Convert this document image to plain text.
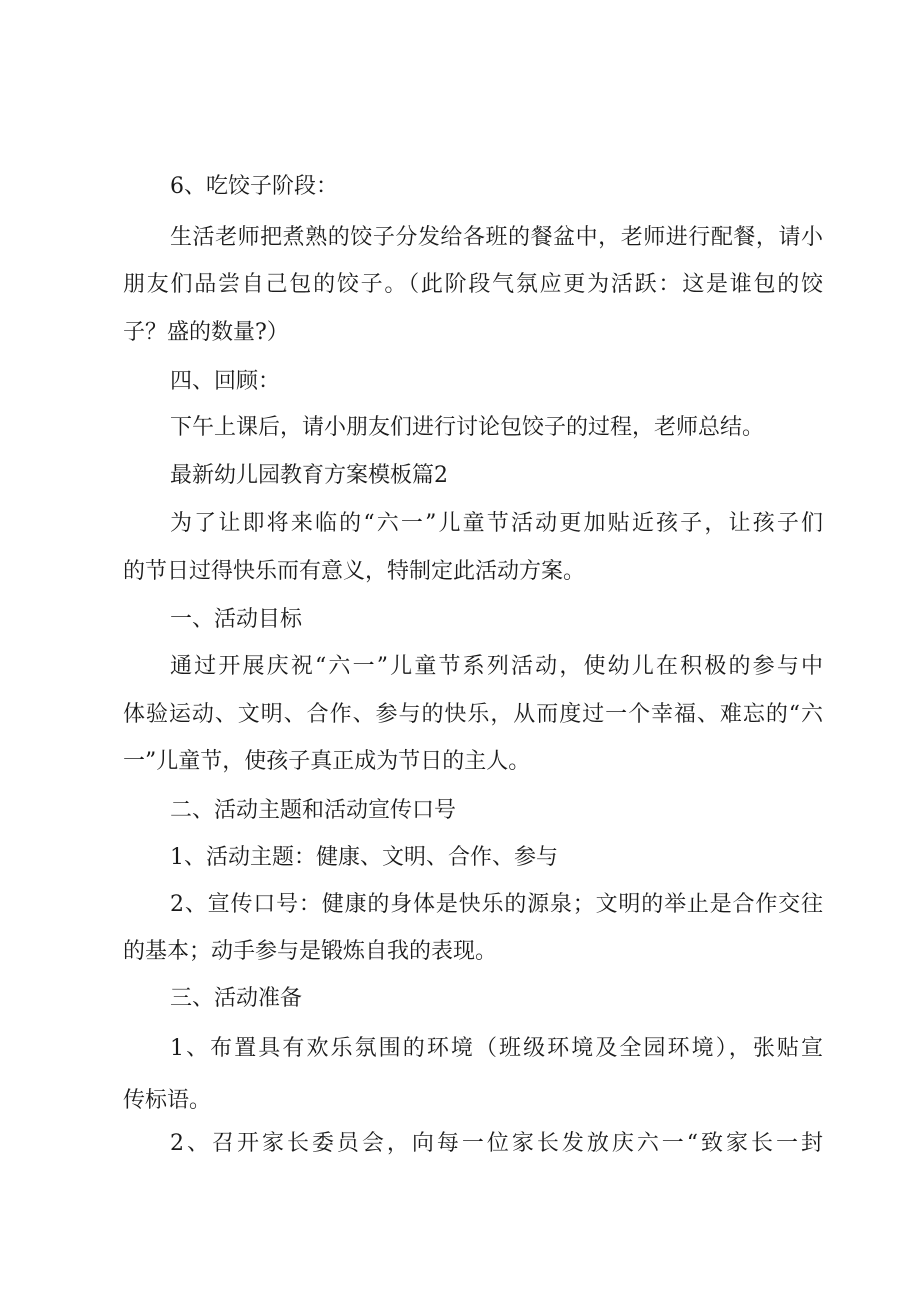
6、吃饺子阶段：
生活老师把煮熟的饺子分发给各班的餐盆中，老师进行配餐，请小
朋友们品尝自己包的饺子。（此阶段气氛应更为活跃：这是谁包的饺
子？盛的数量?）
四、回顾：
下午上课后，请小朋友们进行讨论包饺子的过程，老师总结。
最新幼儿园教育方案模板篇2
为了让即将来临的“六一”儿童节活动更加贴近孩子，让孩子们
的节日过得快乐而有意义，特制定此活动方案。
一、活动目标
通过开展庆祝“六一”儿童节系列活动，使幼儿在积极的参与中
体验运动、文明、合作、参与的快乐，从而度过一个幸福、难忘的“六
一”儿童节，使孩子真正成为节日的主人。
二、活动主题和活动宣传口号
1、活动主题：健康、文明、合作、参与
2、宣传口号：健康的身体是快乐的源泉；文明的举止是合作交往
的基本；动手参与是锻炼自我的表现。
三、活动准备
1、布置具有欢乐氛围的环境（班级环境及全园环境），张贴宣
传标语。
2、召开家长委员会，向每一位家长发放庆六一“致家长一封
